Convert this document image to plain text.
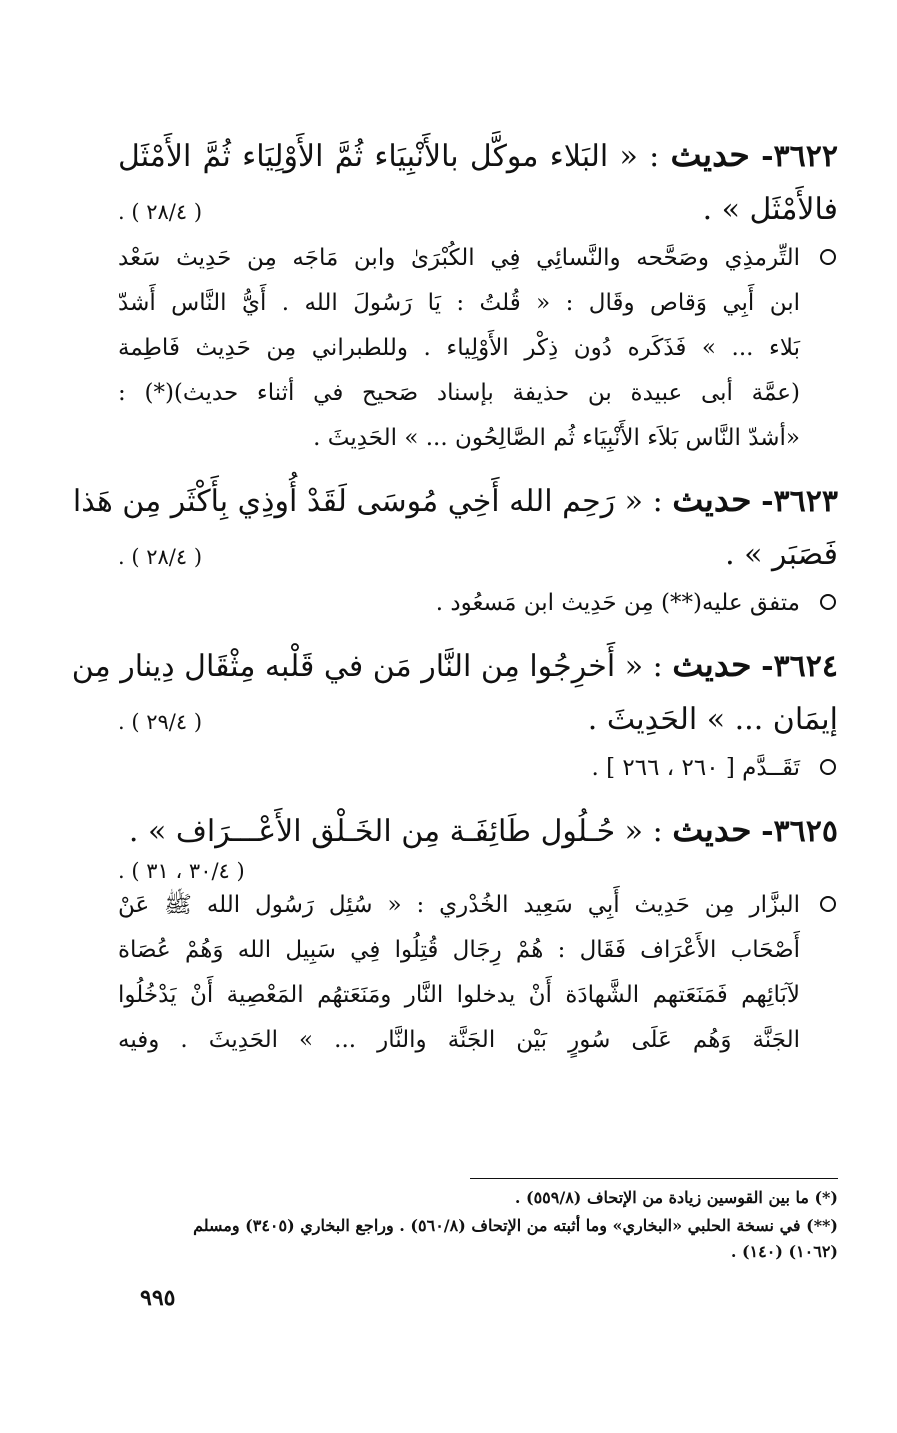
٣٦٢٢- حديث : « البَلاء موكَّل بالأَنْبِيَاء ثُمَّ الأَوْلِيَاء ثُمَّ الأَمْثَل
فالأَمْثَل » .
( ٢٨/٤ ) .
التِّرمذِي وصَحَّحه والنَّسائِي فِي الكُبْرَىٰ وابن مَاجَه مِن حَدِيث سَعْد
ابن أَبِي وَقاص وقَال : « قُلتُ : يَا رَسُولَ الله . أَيُّ النَّاس أَشدّ
بَلاء ... » فَذَكَره دُون ذِكْر الأَوْلِياء . وللطبراني مِن حَدِيث فَاطِمة
(عمَّة أبى عبيدة بن حذيفة بإسناد صَحيح في أثناء حديث)(*) :
«أشدّ النَّاس بَلاَء الأَنْبِيَاء ثُم الصَّالِحُون ... » الحَدِيثَ .
٣٦٢٣- حديث : « رَحِم الله أَخِي مُوسَى لَقَدْ أُوذِي بِأَكْثَر مِن هَذا
فَصَبَر » .
( ٢٨/٤ ) .
متفق عليه(**) مِن حَدِيث ابن مَسعُود .
٣٦٢٤- حديث : « أَخرِجُوا مِن النَّار مَن في قَلْبه مِثْقَال دِينار مِن
إيمَان ... » الحَدِيثَ .
( ٢٩/٤ ) .
تَقَــدَّم [ ٢٦٠ ، ٢٦٦ ] .
٣٦٢٥- حديث : « حُـلُول طَائِفَـة مِن الخَـلْق الأَعْـــرَاف » .
( ٣٠/٤ ، ٣١ ) .
البزَّار مِن حَدِيث أَبِي سَعِيد الخُدْري : « سُئِل رَسُول الله ﷺ عَنْ
أَصْحَاب الأَعْرَاف فَقَال : هُمْ رِجَال قُتِلُوا فِي سَبِيل الله وَهُمْ عُصَاة
لآبَائِهم فَمَنَعَتهم الشَّهادَة أَنْ يدخلوا النَّار ومَنَعَتهُم المَعْصِية أَنْ يَدْخُلُوا
الجَنَّة وَهُم عَلَى سُورٍ بَيْن الجَنَّة والنَّار ... » الحَدِيثَ . وفيه
(*) ما بين القوسين زيادة من الإتحاف (٥٥٩/٨) .
(**) في نسخة الحلبي «البخاري» وما أثبته من الإتحاف (٥٦٠/٨) . وراجع البخاري (٣٤٠٥) ومسلم
(١٠٦٢) (١٤٠) .
٩٩٥
